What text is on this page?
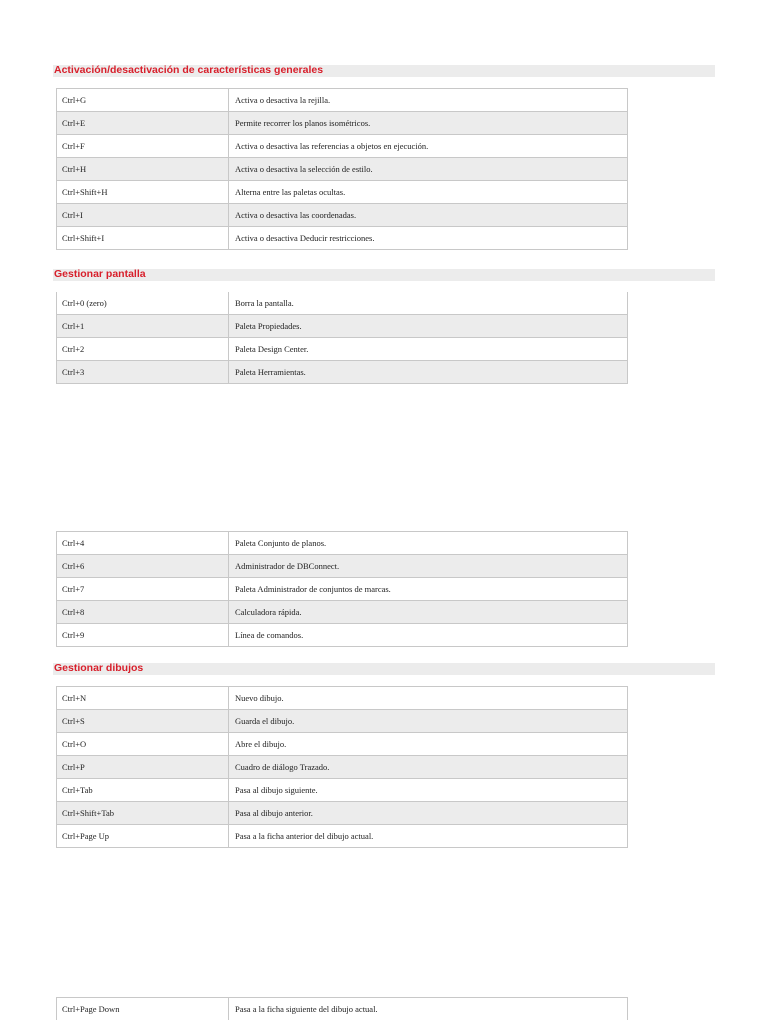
Activación/desactivación de características generales
Ctrl+G	Activa o desactiva la rejilla.
Ctrl+E	Permite recorrer los planos isométricos.
Ctrl+F	Activa o desactiva las referencias a objetos en ejecución.
Ctrl+H	Activa o desactiva la selección de estilo.
Ctrl+Shift+H	Alterna entre las paletas ocultas.
Ctrl+I	Activa o desactiva las coordenadas.
Ctrl+Shift+I	Activa o desactiva Deducir restricciones.
Gestionar pantalla
Ctrl+0 (zero)	Borra la pantalla.
Ctrl+1	Paleta Propiedades.
Ctrl+2	Paleta Design Center.
Ctrl+3	Paleta Herramientas.
Ctrl+4	Paleta Conjunto de planos.
Ctrl+6	Administrador de DBConnect.
Ctrl+7	Paleta Administrador de conjuntos de marcas.
Ctrl+8	Calculadora rápida.
Ctrl+9	Línea de comandos.
Gestionar dibujos
Ctrl+N	Nuevo dibujo.
Ctrl+S	Guarda el dibujo.
Ctrl+O	Abre el dibujo.
Ctrl+P	Cuadro de diálogo Trazado.
Ctrl+Tab	Pasa al dibujo siguiente.
Ctrl+Shift+Tab	Pasa al dibujo anterior.
Ctrl+Page Up	Pasa a la ficha anterior del dibujo actual.
Ctrl+Page Down	Pasa a la ficha siguiente del dibujo actual.
